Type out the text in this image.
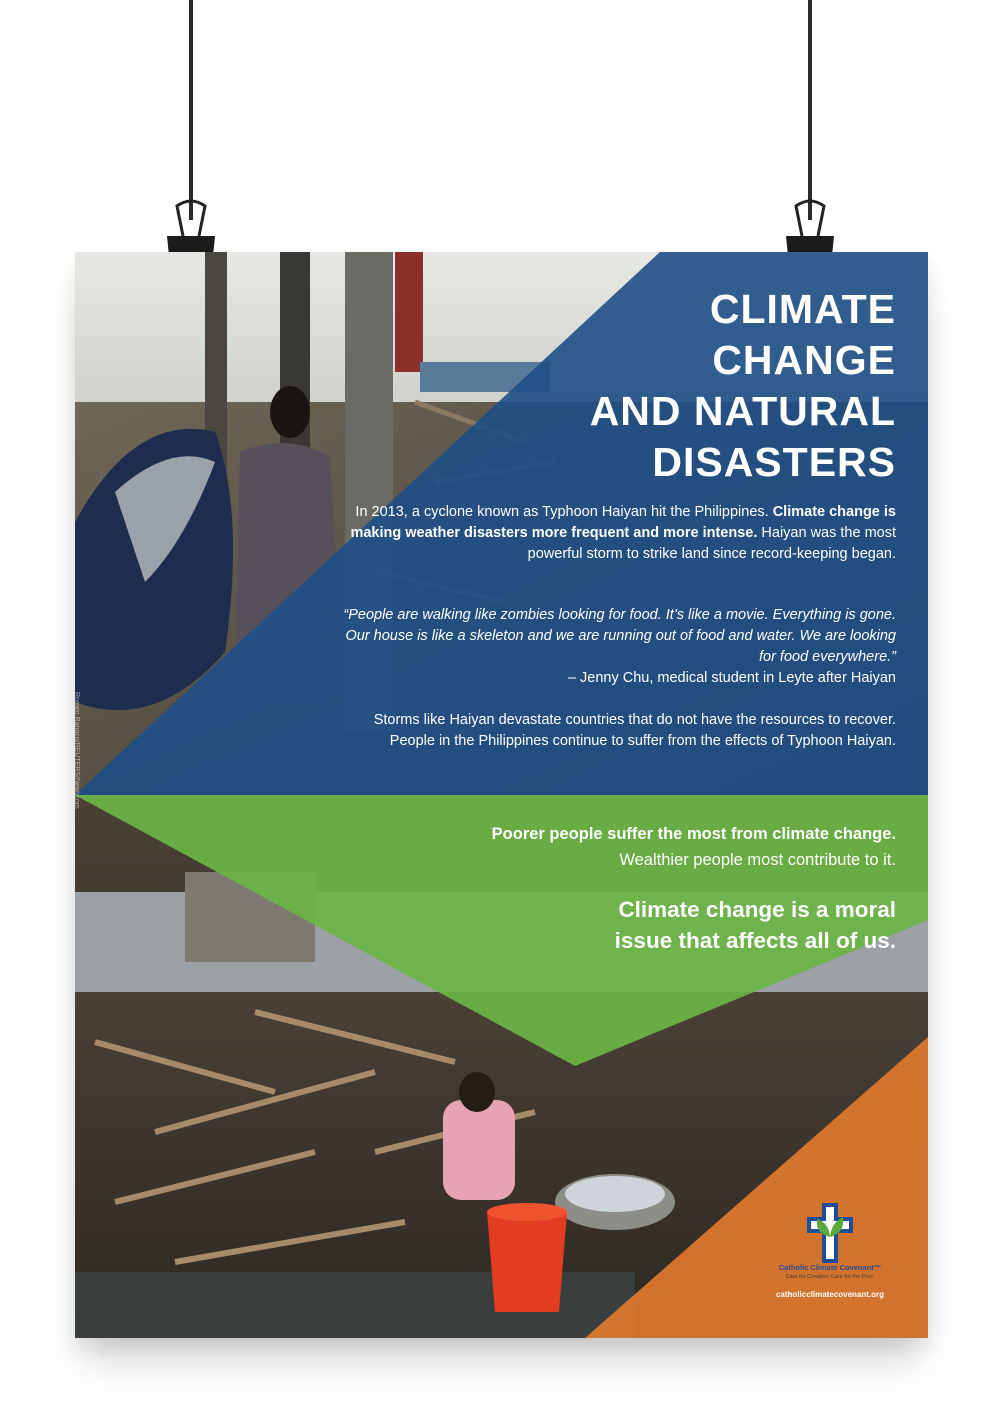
Romeo Ranoco/REUTERS/Newscom
CLIMATE
CHANGE
AND NATURAL
DISASTERS

In 2013, a cyclone known as Typhoon Haiyan hit the Philippines. Climate change is making weather disasters more frequent and more intense. Haiyan was the most powerful storm to strike land since record-keeping began.

“People are walking like zombies looking for food. It’s like a movie. Everything is gone. Our house is like a skeleton and we are running out of food and water. We are looking for food everywhere.”
– Jenny Chu, medical student in Leyte after Haiyan

Storms like Haiyan devastate countries that do not have the resources to recover. People in the Philippines continue to suffer from the effects of Typhoon Haiyan.

Poorer people suffer the most from climate change.
Wealthier people most contribute to it.
Climate change is a moral
issue that affects all of us.
Catholic Climate Covenant™
Care for Creation, Care for the Poor.
catholicclimatecovenant.org
